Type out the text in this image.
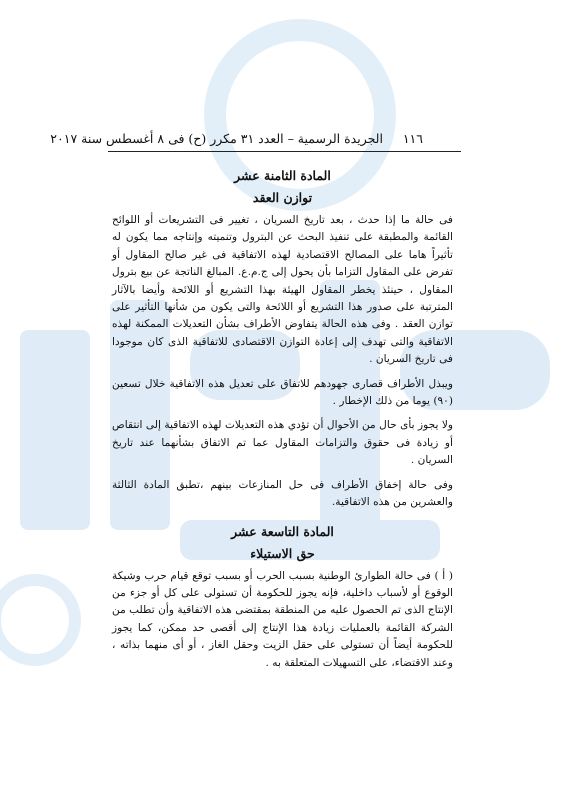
١١٦     الجريدة الرسمية – العدد ٣١ مكرر (ح) فى ٨ أغسطس سنة ٢٠١٧
المادة الثامنة عشر
توازن العقد

فى حالة ما إذا حدث ، بعد تاريخ السريان ، تغيير فى التشريعات أو اللوائح القائمة والمطبقة على تنفيذ البحث عن البترول وتنميته وإنتاجه مما يكون له تأثيراً هاما على المصالح الاقتصادية لهذه الاتفاقية فى غير صالح المقاول أو تفرض على المقاول التزاما بأن يحول إلى ج.م.ع. المبالغ الناتجة عن بيع بترول المقاول ، حينئذ يخطر المقاول الهيئة بهذا التشريع أو اللائحة وأيضا بالآثار المترتبة على صدور هذا التشريع أو اللائحة والتى يكون من شأنها التأثير على توازن العقد . وفى هذه الحالة يتفاوض الأطراف بشأن التعديلات الممكنة لهذه الاتفاقية والتى تهدف إلى إعادة التوازن الاقتصادى للاتفاقية الذى كان موجودا فى تاريخ السريان .

ويبذل الأطراف قصارى جهودهم للاتفاق على تعديل هذه الاتفاقية خلال تسعين (٩٠) يوما من ذلك الإخطار .

ولا يجوز بأى حال من الأحوال أن تؤدي هذه التعديلات لهذه الاتفاقية إلى انتقاص أو زيادة فى حقوق والتزامات المقاول عما تم الاتفاق بشأنهما عند تاريخ السريان .

وفى حالة إخفاق الأطراف فى حل المنازعات بينهم ،تطبق المادة الثالثة والعشرين من هذه الاتفاقية.

المادة التاسعة عشر
حق الاستيلاء

( أ ) فى حالة الطوارئ الوطنية بسبب الحرب أو بسبب توقع قيام حرب وشيكة الوقوع أو لأسباب داخلية، فإنه يجوز للحكومة أن تستولى على كل أو جزء من الإنتاج الذى تم الحصول عليه من المنطقة بمقتضى هذه الاتفاقية وأن تطلب من الشركة القائمة بالعمليات زيادة هذا الإنتاج إلى أقصى حد ممكن، كما يجوز للحكومة أيضاً أن تستولى على حقل الزيت وحقل الغاز ، أو أى منهما بذاته ، وعند الاقتضاء، على التسهيلات المتعلقة به .
